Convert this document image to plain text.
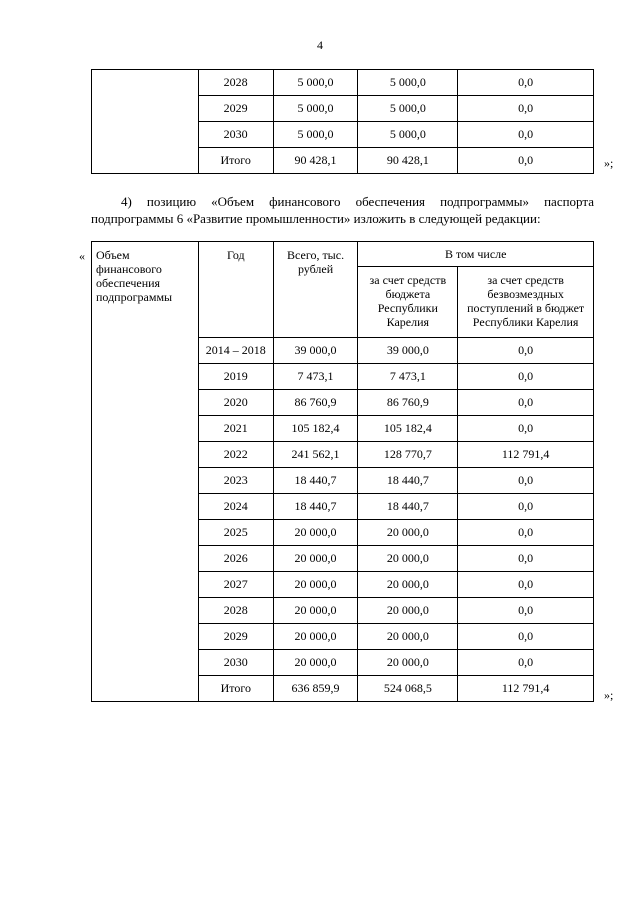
4
	2028	5 000,0	5 000,0	0,0
	2029	5 000,0	5 000,0	0,0
	2030	5 000,0	5 000,0	0,0
	Итого	90 428,1	90 428,1	0,0	»;
4) позицию «Объем финансового обеспечения подпрограммы» паспорта подпрограммы 6 «Развитие промышленности» изложить в следующей редакции:
« Объем финансового обеспечения подпрограммы	Год	Всего, тыс. рублей	В том числе	
			за счет средств бюджета Республики Карелия	за счет средств безвозмездных поступлений в бюджет Республики Карелия
	2014 – 2018	39 000,0	39 000,0	0,0
	2019	7 473,1	7 473,1	0,0
	2020	86 760,9	86 760,9	0,0
	2021	105 182,4	105 182,4	0,0
	2022	241 562,1	128 770,7	112 791,4
	2023	18 440,7	18 440,7	0,0
	2024	18 440,7	18 440,7	0,0
	2025	20 000,0	20 000,0	0,0
	2026	20 000,0	20 000,0	0,0
	2027	20 000,0	20 000,0	0,0
	2028	20 000,0	20 000,0	0,0
	2029	20 000,0	20 000,0	0,0
	2030	20 000,0	20 000,0	0,0
	Итого	636 859,9	524 068,5	112 791,4	»;
